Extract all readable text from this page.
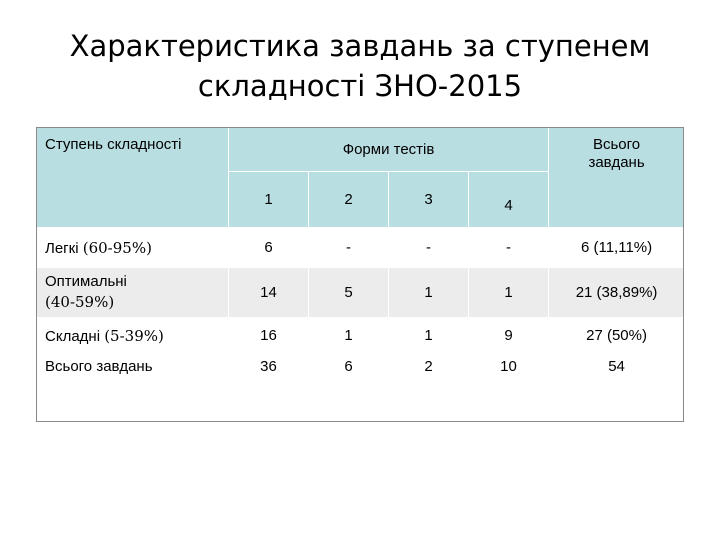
Характеристика завдань за ступенем
складності ЗНО-2015
Ступень складності	Форми тестів				Всього завдань
	1	2	3	4	
Легкі (60-95%)	6	-	-	-	6 (11,11%)
Оптимальні
(40-59%)	14	5	1	1	21 (38,89%)
Складні (5-39%)	16	1	1	9	27 (50%)
Всього завдань	36	6	2	10	54
